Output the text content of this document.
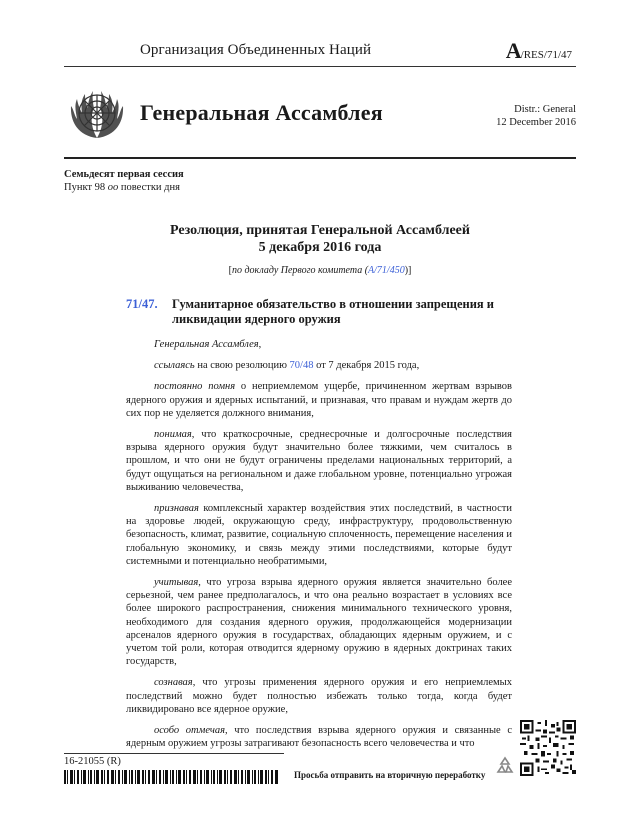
Организация Объединенных Наций	A/RES/71/47
Генеральная Ассамблея	Distr.: General
12 December 2016
Семьдесят первая сессия
Пункт 98 оо повестки дня
Резолюция, принятая Генеральной Ассамблеей
5 декабря 2016 года
[по докладу Первого комитета (A/71/450)]
71/47. Гуманитарное обязательство в отношении запрещения и ликвидации ядерного оружия

Генеральная Ассамблея,

ссылаясь на свою резолюцию 70/48 от 7 декабря 2015 года,

постоянно помня о неприемлемом ущербе, причиненном жертвам взрывов ядерного оружия и ядерных испытаний, и признавая, что правам и нуждам жертв до сих пор не уделяется должного внимания,

понимая, что краткосрочные, среднесрочные и долгосрочные последствия взрыва ядерного оружия будут значительно более тяжкими, чем считалось в прошлом, и что они не будут ограничены пределами национальных территорий, а будут ощущаться на региональном и даже глобальном уровне, потенциально угрожая выживанию человечества,

признавая комплексный характер воздействия этих последствий, в частности на здоровье людей, окружающую среду, инфраструктуру, продовольственную безопасность, климат, развитие, социальную сплоченность, перемещение населения и глобальную экономику, и связь между этими последствиями, которые будут системными и потенциально необратимыми,

учитывая, что угроза взрыва ядерного оружия является значительно более серьезной, чем ранее предполагалось, и что она реально возрастает в условиях все более широкого распространения, снижения минимального технического уровня, необходимого для создания ядерного оружия, продолжающейся модернизации арсеналов ядерного оружия в государствах, обладающих ядерным оружием, и с учетом той роли, которая отводится ядерному оружию в ядерных доктринах таких государств,

сознавая, что угрозы применения ядерного оружия и его неприемлемых последствий можно будет полностью избежать только тогда, когда будет ликвидировано все ядерное оружие,

особо отмечая, что последствия взрыва ядерного оружия и связанные с ядерным оружием угрозы затрагивают безопасность всего человечества и что

16-21055 (R)
Просьба отправить на вторичную переработку
